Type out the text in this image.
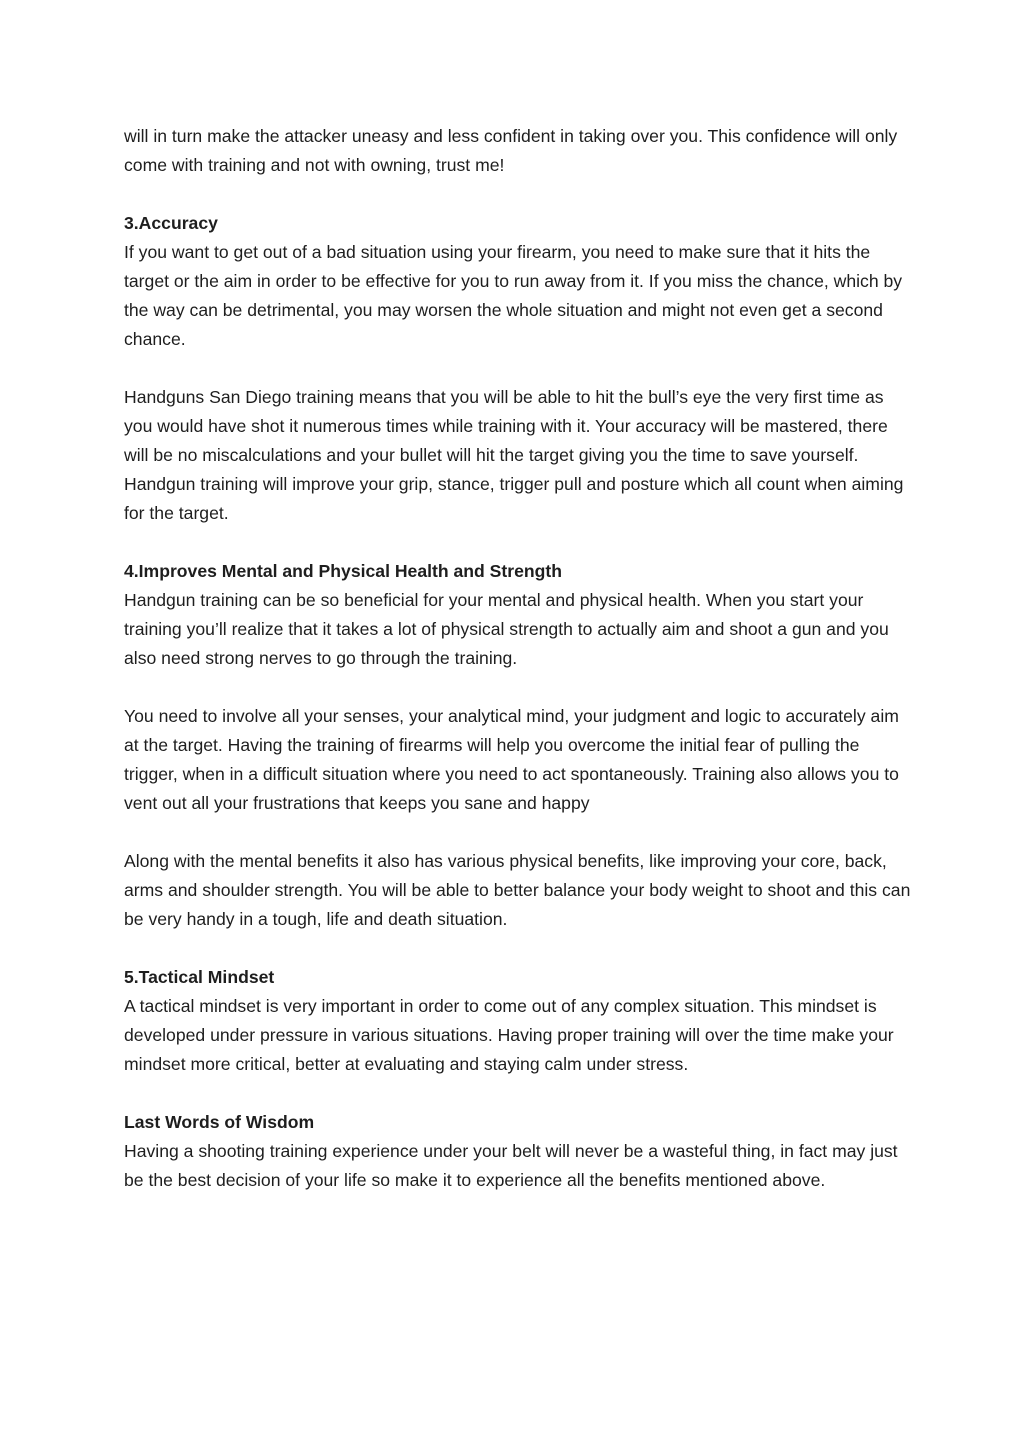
will in turn make the attacker uneasy and less confident in taking over you. This confidence will only come with training and not with owning, trust me!

3.Accuracy

If you want to get out of a bad situation using your firearm, you need to make sure that it hits the target or the aim in order to be effective for you to run away from it. If you miss the chance, which by the way can be detrimental, you may worsen the whole situation and might not even get a second chance.

Handguns San Diego training means that you will be able to hit the bull’s eye the very first time as you would have shot it numerous times while training with it. Your accuracy will be mastered, there will be no miscalculations and your bullet will hit the target giving you the time to save yourself. Handgun training will improve your grip, stance, trigger pull and posture which all count when aiming for the target.

4.Improves Mental and Physical Health and Strength

Handgun training can be so beneficial for your mental and physical health. When you start your training you’ll realize that it takes a lot of physical strength to actually aim and shoot a gun and you also need strong nerves to go through the training.

You need to involve all your senses, your analytical mind, your judgment and logic to accurately aim at the target. Having the training of firearms will help you overcome the initial fear of pulling the trigger, when in a difficult situation where you need to act spontaneously. Training also allows you to vent out all your frustrations that keeps you sane and happy

Along with the mental benefits it also has various physical benefits, like improving your core, back, arms and shoulder strength. You will be able to better balance your body weight to shoot and this can be very handy in a tough, life and death situation.

5.Tactical Mindset

A tactical mindset is very important in order to come out of any complex situation. This mindset is developed under pressure in various situations. Having proper training will over the time make your mindset more critical, better at evaluating and staying calm under stress.

Last Words of Wisdom

Having a shooting training experience under your belt will never be a wasteful thing, in fact may just be the best decision of your life so make it to experience all the benefits mentioned above.
